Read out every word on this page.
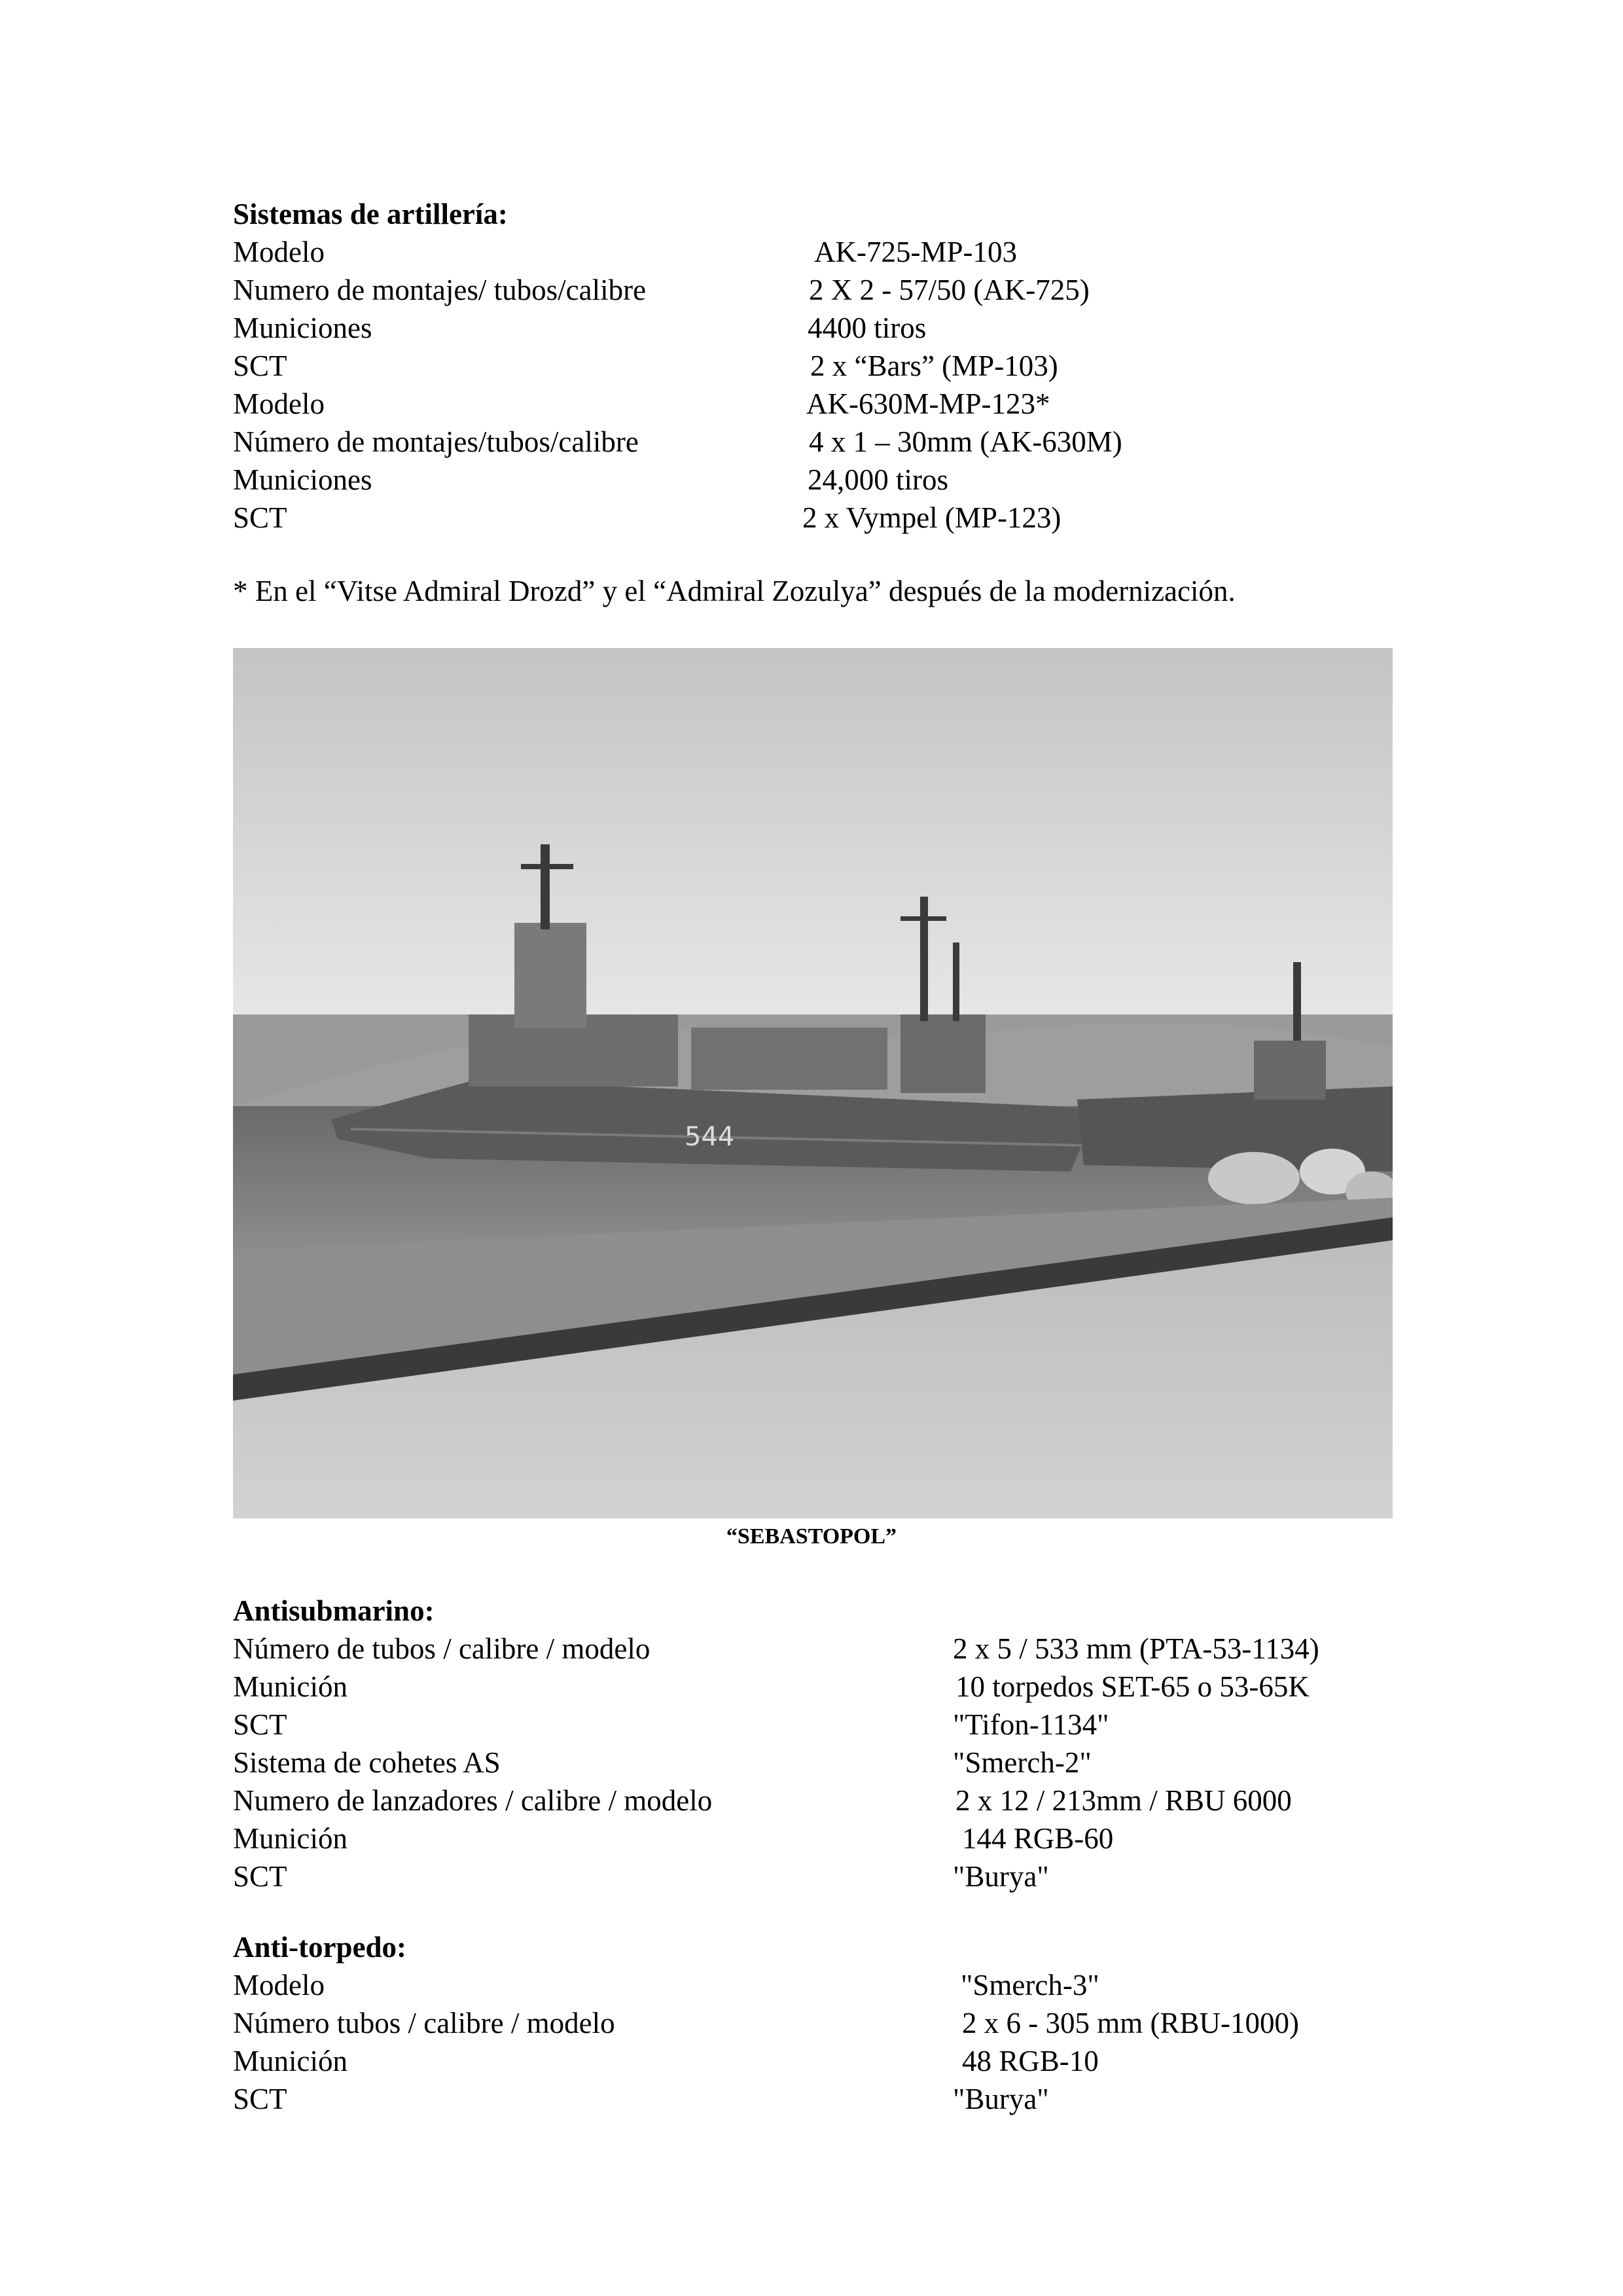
Sistemas de artillería:
Modelo	AK-725-MP-103
Numero de montajes/ tubos/calibre	2 X 2 - 57/50 (AK-725)
Municiones	4400 tiros
SCT	2 x “Bars” (MP-103)
Modelo	AK-630M-MP-123*
Número de montajes/tubos/calibre	4 x 1 – 30mm (AK-630M)
Municiones	24,000 tiros
SCT	2 x Vympel (MP-123)
* En el “Vitse Admiral Drozd” y el “Admiral Zozulya” después de la modernización.
544
“SEBASTOPOL”
Antisubmarino:
Número de tubos / calibre / modelo	2 x 5 / 533 mm (PTA-53-1134)
Munición	10 torpedos SET-65 o 53-65K
SCT	"Tifon-1134"
Sistema de cohetes AS	"Smerch-2"
Numero de lanzadores / calibre / modelo	2 x 12 / 213mm / RBU 6000
Munición	144 RGB-60
SCT	"Burya"
Anti-torpedo:
Modelo	"Smerch-3"
Número tubos / calibre / modelo	2 x 6 - 305 mm (RBU-1000)
Munición	48 RGB-10
SCT	"Burya"
